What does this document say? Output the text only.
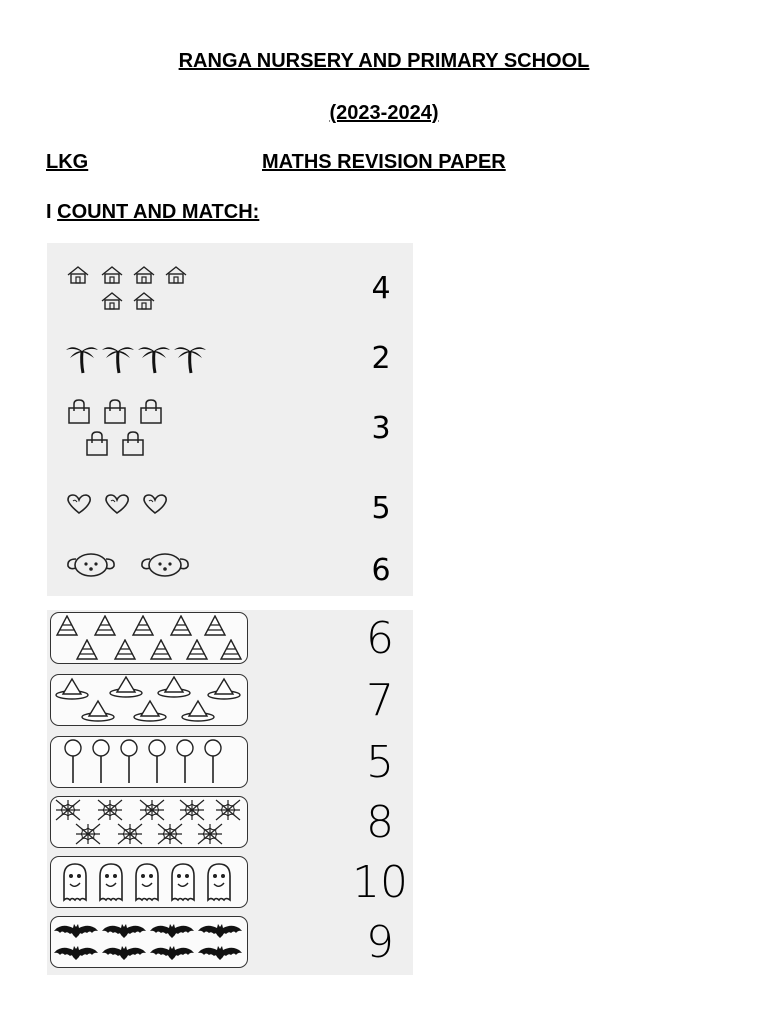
RANGA NURSERY AND PRIMARY SCHOOL
(2023-2024)
LKG	MATHS REVISION PAPER
I COUNT AND MATCH:
4
2
3
5
6
6
7
5
8
10
9
